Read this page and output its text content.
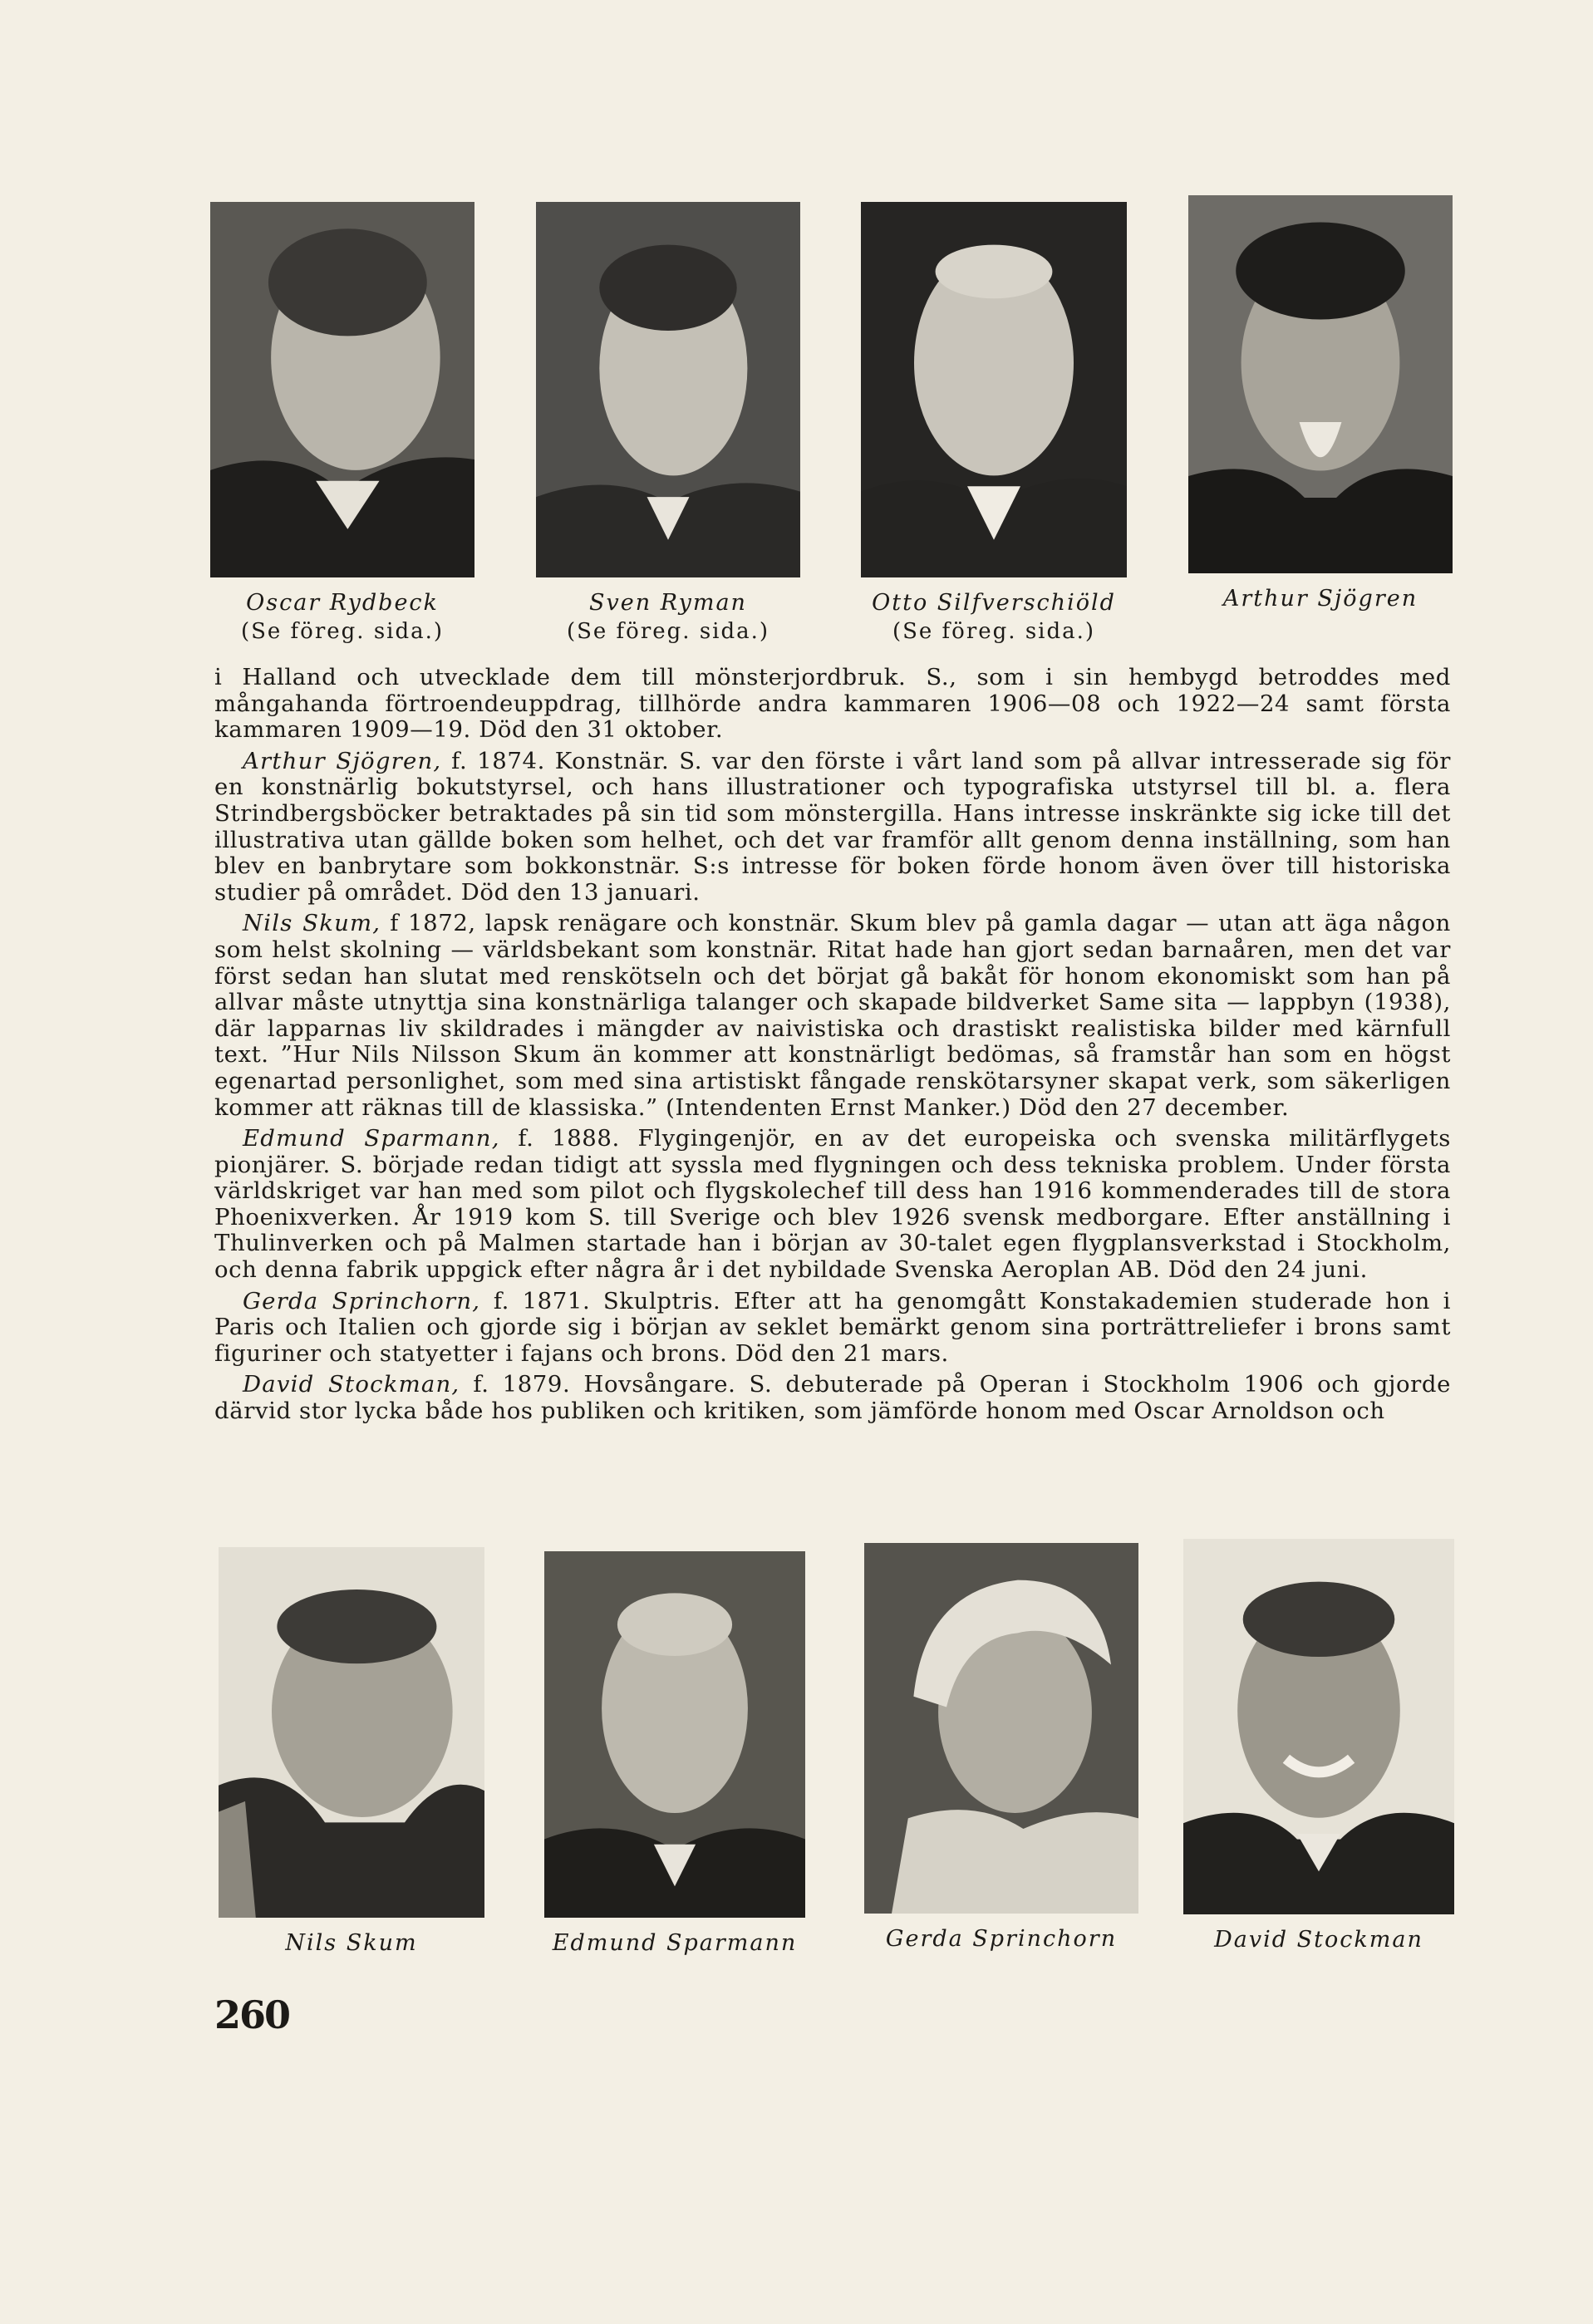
Oscar Rydbeck
(Se föreg. sida.)
Sven Ryman
(Se föreg. sida.)
Otto Silfverschiöld
(Se föreg. sida.)
Arthur Sjögren

i Halland och utvecklade dem till mönsterjordbruk. S., som i sin hembygd betroddes med mångahanda förtroendeuppdrag, tillhörde andra kammaren 1906—08 och 1922—24 samt första kammaren 1909—19. Död den 31 oktober.

Arthur Sjögren, f. 1874. Konstnär. S. var den förste i vårt land som på allvar intresserade sig för en konstnärlig bokutstyrsel, och hans illustrationer och typografiska utstyrsel till bl. a. flera Strindbergsböcker betraktades på sin tid som mönstergilla. Hans intresse inskränkte sig icke till det illustrativa utan gällde boken som helhet, och det var framför allt genom denna inställning, som han blev en banbrytare som bokkonstnär. S:s intresse för boken förde honom även över till historiska studier på området. Död den 13 januari.

Nils Skum, f 1872, lapsk renägare och konstnär. Skum blev på gamla dagar — utan att äga någon som helst skolning — världsbekant som konstnär. Ritat hade han gjort sedan barnaåren, men det var först sedan han slutat med renskötseln och det börjat gå bakåt för honom ekonomiskt som han på allvar måste utnyttja sina konstnärliga talanger och skapade bildverket Same sita — lappbyn (1938), där lapparnas liv skildrades i mängder av naivistiska och drastiskt realistiska bilder med kärnfull text. ”Hur Nils Nilsson Skum än kommer att konstnärligt bedömas, så framstår han som en högst egenartad personlighet, som med sina artistiskt fångade renskötarsyner skapat verk, som säkerligen kommer att räknas till de klassiska.” (Intendenten Ernst Manker.) Död den 27 december.

Edmund Sparmann, f. 1888. Flygingenjör, en av det europeiska och svenska militärflygets pionjärer. S. började redan tidigt att syssla med flygningen och dess tekniska problem. Under första världskriget var han med som pilot och flygskolechef till dess han 1916 kommenderades till de stora Phoenixverken. År 1919 kom S. till Sverige och blev 1926 svensk medborgare. Efter anställning i Thulinverken och på Malmen startade han i början av 30-talet egen flygplansverkstad i Stockholm, och denna fabrik uppgick efter några år i det nybildade Svenska Aeroplan AB. Död den 24 juni.

Gerda Sprinchorn, f. 1871. Skulptris. Efter att ha genomgått Konstakademien studerade hon i Paris och Italien och gjorde sig i början av seklet bemärkt genom sina porträttreliefer i brons samt figuriner och statyetter i fajans och brons. Död den 21 mars.

David Stockman, f. 1879. Hovsångare. S. debuterade på Operan i Stockholm 1906 och gjorde därvid stor lycka både hos publiken och kritiken, som jämförde honom med Oscar Arnoldson och

Nils Skum	Edmund Sparmann	Gerda Sprinchorn	David Stockman
260
